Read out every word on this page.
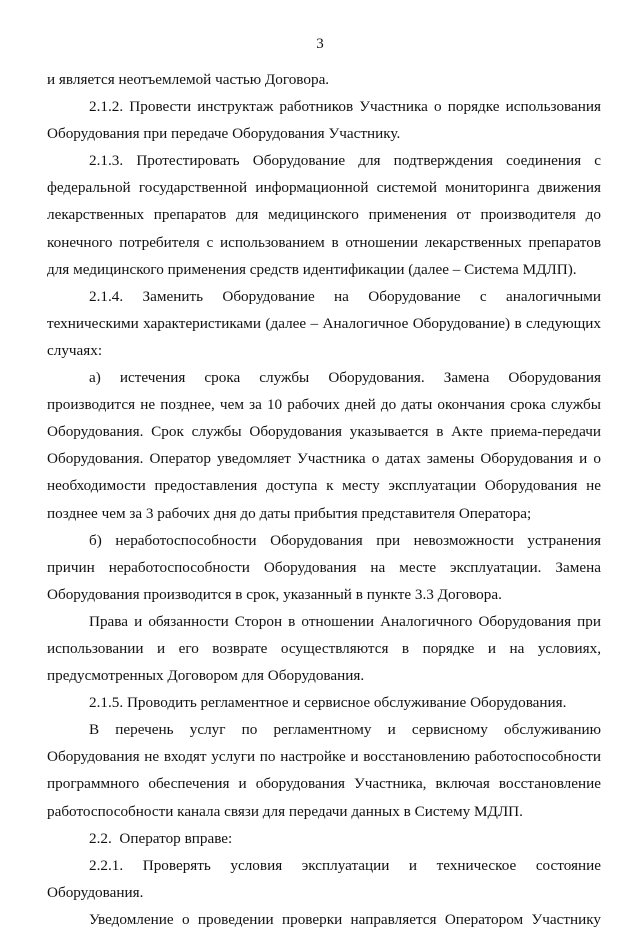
3

и является неотъемлемой частью Договора.

2.1.2. Провести инструктаж работников Участника о порядке использования Оборудования при передаче Оборудования Участнику.

2.1.3. Протестировать Оборудование для подтверждения соединения с федеральной государственной информационной системой мониторинга движения лекарственных препаратов для медицинского применения от производителя до конечного потребителя с использованием в отношении лекарственных препаратов для медицинского применения средств идентификации (далее – Система МДЛП).

2.1.4. Заменить Оборудование на Оборудование с аналогичными техническими характеристиками (далее – Аналогичное Оборудование) в следующих случаях:

а) истечения срока службы Оборудования. Замена Оборудования производится не позднее, чем за 10 рабочих дней до даты окончания срока службы Оборудования. Срок службы Оборудования указывается в Акте приема-передачи Оборудования. Оператор уведомляет Участника о датах замены Оборудования и о необходимости предоставления доступа к месту эксплуатации Оборудования не позднее чем за 3 рабочих дня до даты прибытия представителя Оператора;

б) неработоспособности Оборудования при невозможности устранения причин неработоспособности Оборудования на месте эксплуатации. Замена Оборудования производится в срок, указанный в пункте 3.3 Договора.

Права и обязанности Сторон в отношении Аналогичного Оборудования при использовании и его возврате осуществляются в порядке и на условиях, предусмотренных Договором для Оборудования.

2.1.5. Проводить регламентное и сервисное обслуживание Оборудования.

В перечень услуг по регламентному и сервисному обслуживанию Оборудования не входят услуги по настройке и восстановлению работоспособности программного обеспечения и оборудования Участника, включая восстановление работоспособности канала связи для передачи данных в Систему МДЛП.

2.2.  Оператор вправе:

2.2.1. Проверять условия эксплуатации и техническое состояние Оборудования.

Уведомление о проведении проверки направляется Оператором Участнику
